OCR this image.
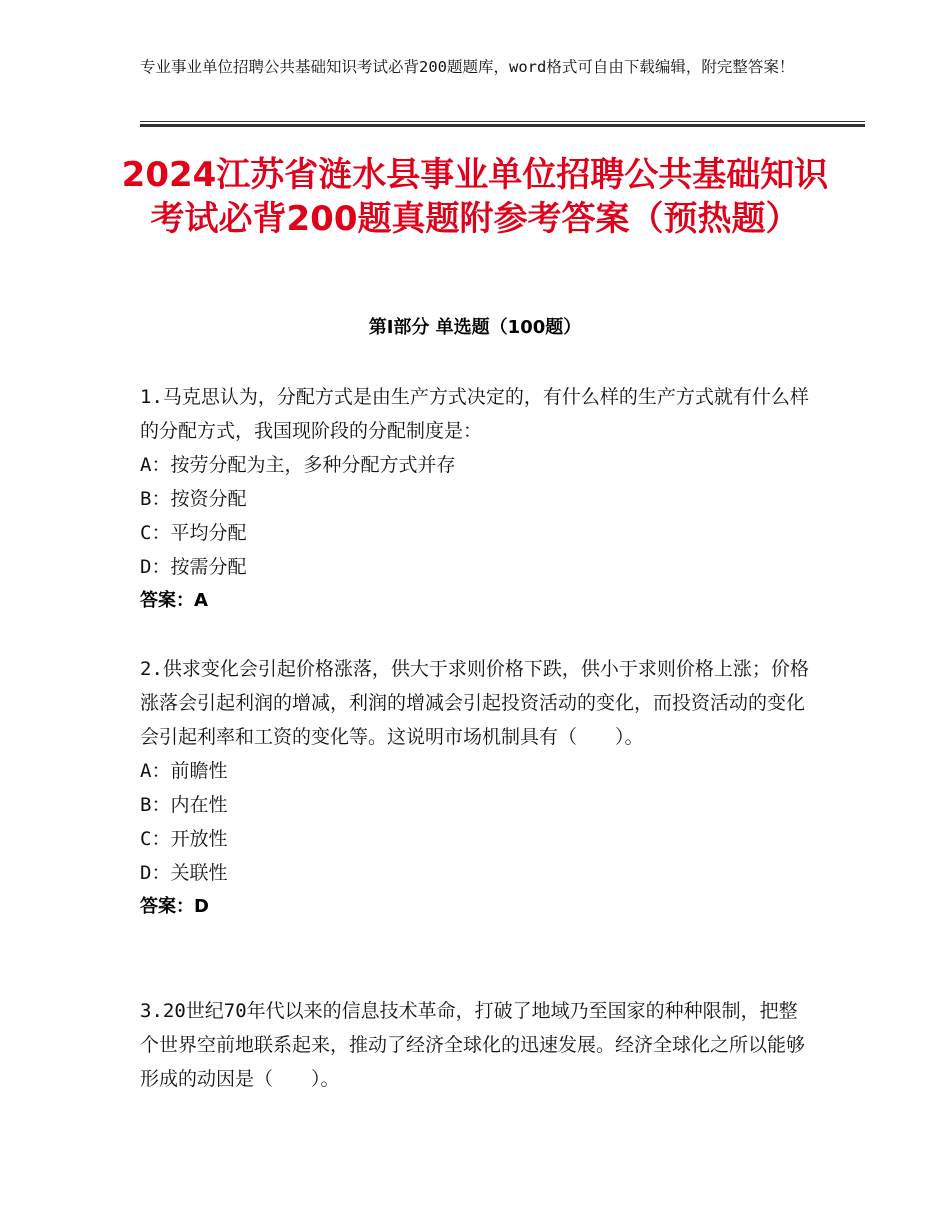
专业事业单位招聘公共基础知识考试必背200题题库，word格式可自由下载编辑，附完整答案！

2024江苏省涟水县事业单位招聘公共基础知识考试必背200题真题附参考答案（预热题）
第Ⅰ部分 单选题（100题）

1.马克思认为，分配方式是由生产方式决定的，有什么样的生产方式就有什么样的分配方式，我国现阶段的分配制度是：

A：按劳分配为主，多种分配方式并存

B：按资分配

C：平均分配

D：按需分配

答案：A

2.供求变化会引起价格涨落，供大于求则价格下跌，供小于求则价格上涨；价格涨落会引起利润的增减，利润的增减会引起投资活动的变化，而投资活动的变化会引起利率和工资的变化等。这说明市场机制具有（　　）。

A：前瞻性

B：内在性

C：开放性

D：关联性

答案：D

3.20世纪70年代以来的信息技术革命，打破了地域乃至国家的种种限制，把整个世界空前地联系起来，推动了经济全球化的迅速发展。经济全球化之所以能够形成的动因是（　　）。
